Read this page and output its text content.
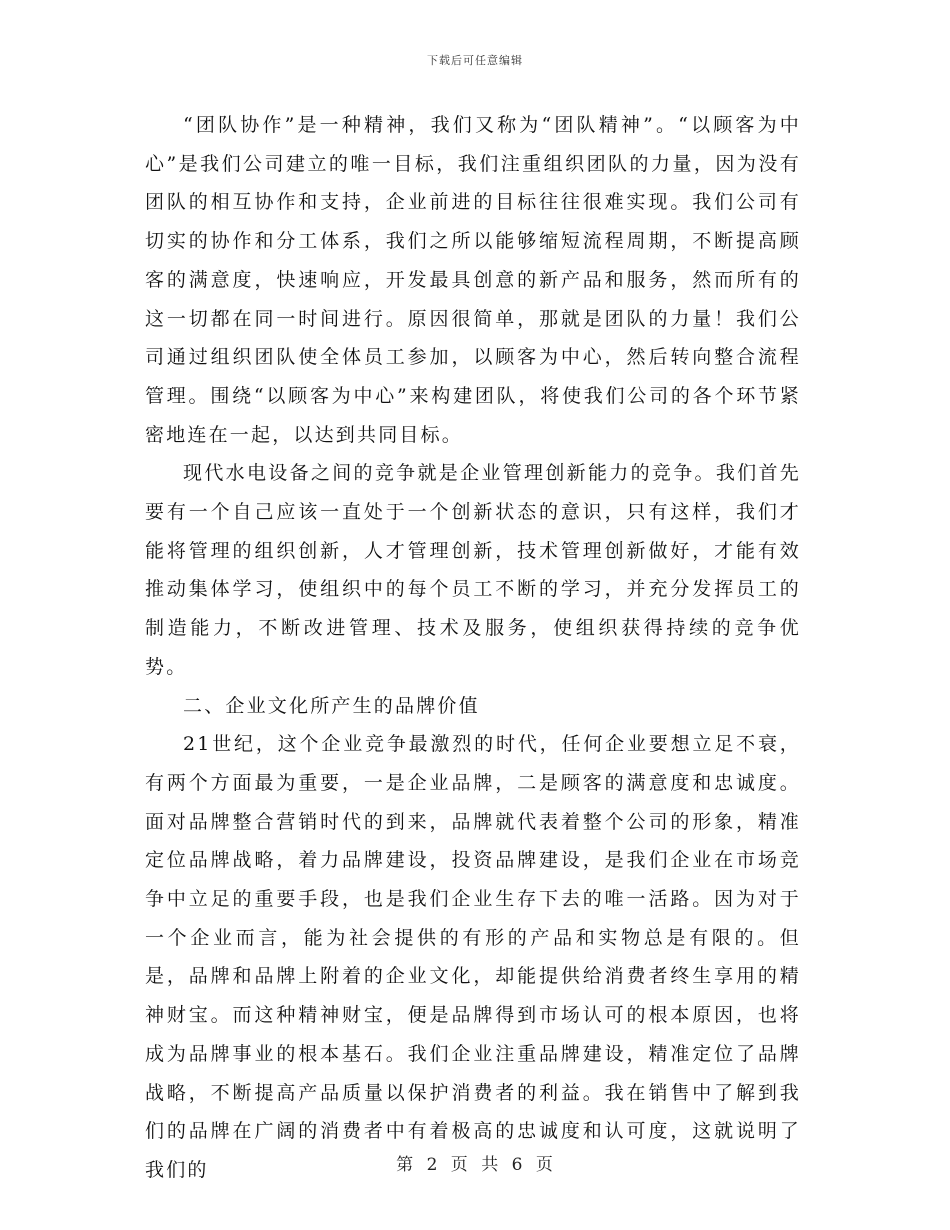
下载后可任意编辑

“团队协作”是一种精神，我们又称为“团队精神”。“以顾客为中心”是我们公司建立的唯一目标，我们注重组织团队的力量，因为没有团队的相互协作和支持，企业前进的目标往往很难实现。我们公司有切实的协作和分工体系，我们之所以能够缩短流程周期，不断提高顾客的满意度，快速响应，开发最具创意的新产品和服务，然而所有的这一切都在同一时间进行。原因很简单，那就是团队的力量！我们公司通过组织团队使全体员工参加，以顾客为中心，然后转向整合流程管理。围绕“以顾客为中心”来构建团队，将使我们公司的各个环节紧密地连在一起，以达到共同目标。

现代水电设备之间的竞争就是企业管理创新能力的竞争。我们首先要有一个自己应该一直处于一个创新状态的意识，只有这样，我们才能将管理的组织创新，人才管理创新，技术管理创新做好，才能有效推动集体学习，使组织中的每个员工不断的学习，并充分发挥员工的制造能力，不断改进管理、技术及服务，使组织获得持续的竞争优势。

二、企业文化所产生的品牌价值

21世纪，这个企业竞争最激烈的时代，任何企业要想立足不衰，有两个方面最为重要，一是企业品牌，二是顾客的满意度和忠诚度。面对品牌整合营销时代的到来，品牌就代表着整个公司的形象，精准定位品牌战略，着力品牌建设，投资品牌建设，是我们企业在市场竞争中立足的重要手段，也是我们企业生存下去的唯一活路。因为对于一个企业而言，能为社会提供的有形的产品和实物总是有限的。但是，品牌和品牌上附着的企业文化，却能提供给消费者终生享用的精神财宝。而这种精神财宝，便是品牌得到市场认可的根本原因，也将成为品牌事业的根本基石。我们企业注重品牌建设，精准定位了品牌战略，不断提高产品质量以保护消费者的利益。我在销售中了解到我们的品牌在广阔的消费者中有着极高的忠诚度和认可度，这就说明了我们的	第 2 页 共 6 页
